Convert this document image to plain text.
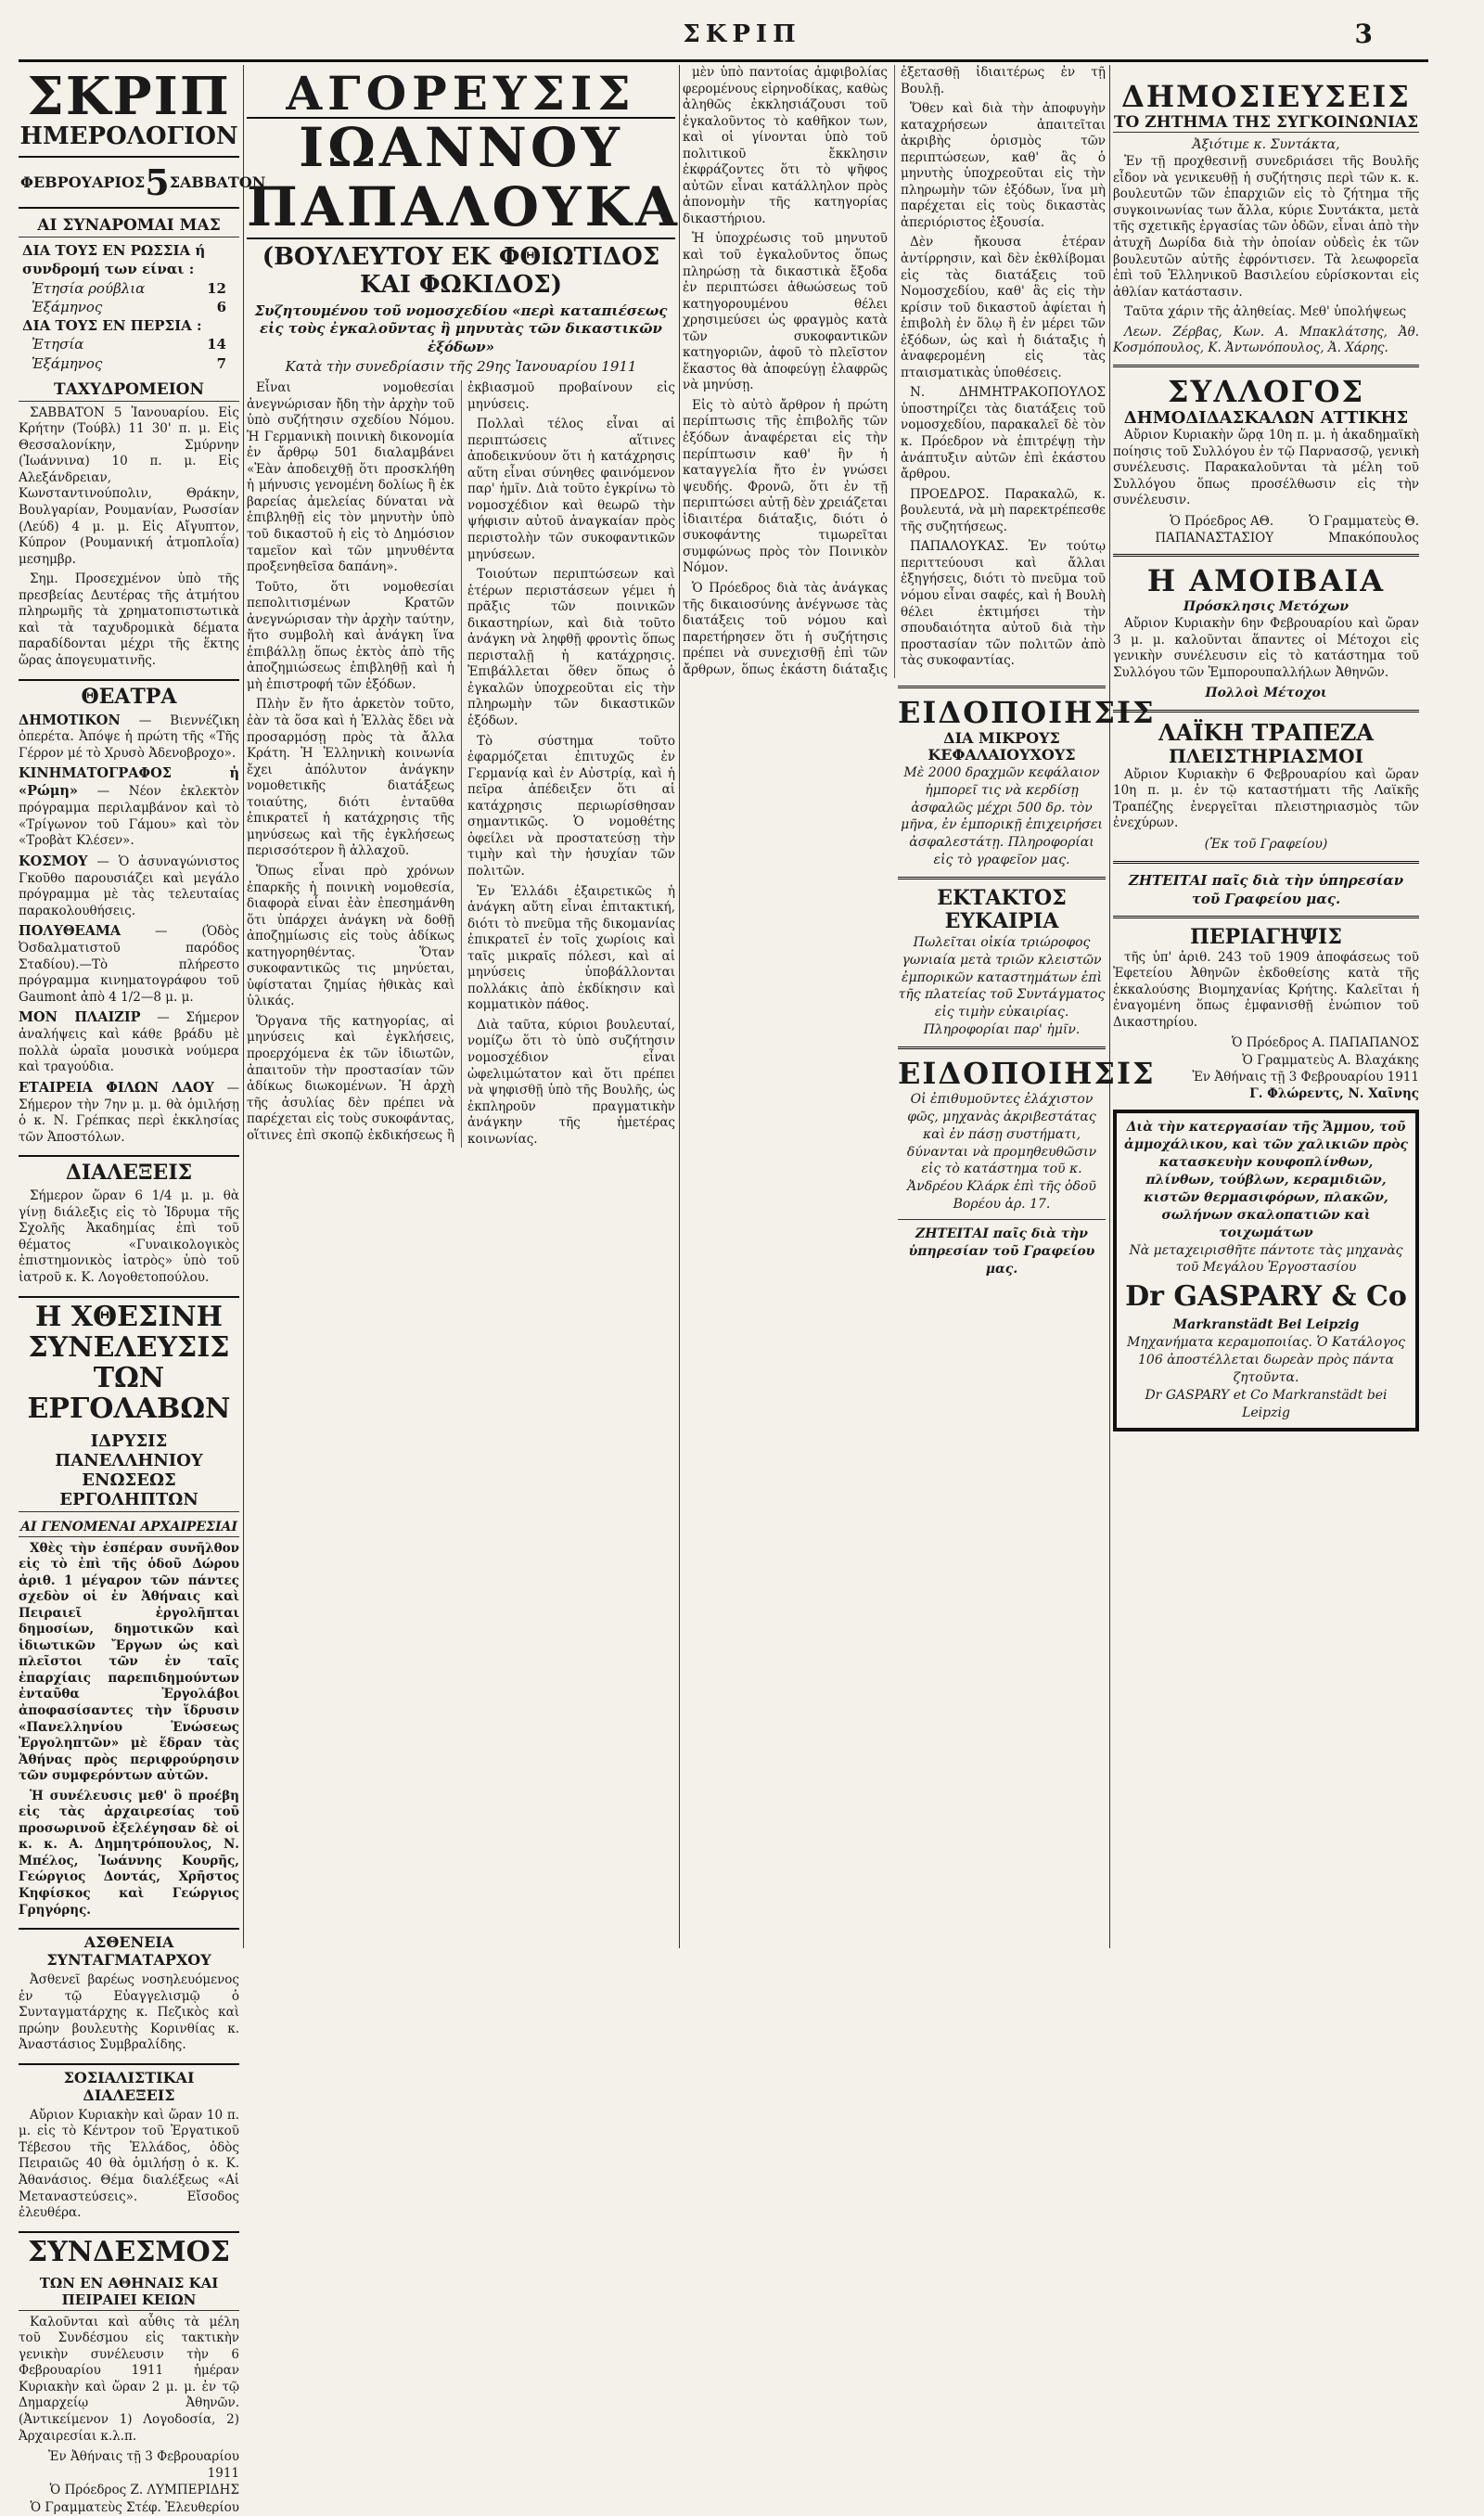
ΣΚΡΙΠ	3
ΣΚΡΙΠ
ΗΜΕΡΟΛΟΓΙΟΝ
ΦΕΒΡΟΥΑΡΙΟΣ 5 ΣΑΒΒΑΤΟΝ
ΑΙ ΣΥΝΑΡΟΜΑΙ ΜΑΣ
ΔΙΑ ΤΟΥΣ ΕΝ ΡΩΣΣΙΑ ή συνδρομή των είναι :
Ἐτησία ρούβλια	12
Ἑξάμηνος	6
ΔΙΑ ΤΟΥΣ ΕΝ ΠΕΡΣΙΑ :
Ἐτησία	14
Ἑξάμηνος	7
ΤΑΧΥΔΡΟΜΕΙΟΝ

ΣΑΒΒΑΤΟΝ 5 Ἰανουαρίου. Εἰς Κρήτην (Τούβλ) 11 30' π. μ. Εἰς Θεσσαλονίκην, Σμύρνην (Ἰωάννινα) 10 π. μ. Εἰς Αλεξάνδρειαν, Κωνσταντινούπολιν, Θράκην, Βουλγαρίαν, Ρουμανίαν, Ρωσσίαν (Λεύδ) 4 μ. μ. Εἰς Αἴγυπτον, Κύπρον (Ρουμανική ἀτμοπλοΐα) μεσημβρ.

Σημ. Προσεχμένον ὑπὸ τῆς πρεσβείας Δευτέρας τῆς ἀτμήτου πληρωμῆς τὰ χρηματοπιστωτικὰ καὶ τὰ ταχυδρομικὰ δέματα παραδίδονται μέχρι τῆς ἕκτης ὥρας ἀπογευματινῆς.

ΘΕΑΤΡΑ
ΔΗΜΟΤΙΚΟΝ — Βιεννέζικη ὀπερέτα. Ἀπόψε ἡ πρώτη τῆς «Τῆς Γέρρον μέ τὸ Χρυσὸ Ἀδενοβροχο».
ΚΙΝΗΜΑΤΟΓΡΑΦΟΣ ἡ «Ρώμη» — Νέον ἐκλεκτὸν πρόγραμμα περιλαμβάνον καὶ τὸ «Τρίγωνον τοῦ Γάμου» καὶ τὸν «Τροβὰτ Κλέσεν».
ΚΟΣΜΟΥ — Ὁ ἀσυναγώνιστος Γκοῦθο παρουσιάζει καὶ μεγάλο πρόγραμμα μὲ τὰς τελευταίας παρακολουθήσεις.
ΠΟΛΥΘΕΑΜΑ — (Ὁδὸς Ὀσδαλματιστοῦ παρόδος Σταδίου).—Τὸ πλήρεστο πρόγραμμα κινηματογράφου τοῦ Gaumont ἀπὸ 4 1/2—8 μ. μ.
ΜΟΝ ΠΛΑΙΖΙΡ — Σήμερον ἀναλήψεις καὶ κάθε βράδυ μὲ πολλὰ ὡραῖα μουσικὰ νούμερα καὶ τραγούδια.
ΕΤΑΙΡΕΙΑ ΦΙΛΩΝ ΛΑΟΥ — Σήμερον τὴν 7ην μ. μ. θὰ ὁμιλήσῃ ὁ κ. Ν. Γρέπκας περὶ ἐκκλησίας τῶν Ἀποστόλων.
ΔΙΑΛΕΞΕΙΣ

Σήμερον ὥραν 6 1/4 μ. μ. θὰ γίνῃ διάλεξις εἰς τὸ Ἱδρυμα τῆς Σχολῆς Ἀκαδημίας ἐπὶ τοῦ θέματος «Γυναικολογικὸς ἐπιστημονικὸς ἰατρὸς» ὑπὸ τοῦ ἰατροῦ κ. Κ. Λογοθετοπούλου.

Η ΧΘΕΣΙΝΗ ΣΥΝΕΛΕΥΣΙΣ ΤΩΝ ΕΡΓΟΛΑΒΩΝ
ΙΔΡΥΣΙΣ ΠΑΝΕΛΛΗΝΙΟΥ ΕΝΩΣΕΩΣ ΕΡΓΟΛΗΠΤΩΝ
ΑΙ ΓΕΝΟΜΕΝΑΙ ΑΡΧΑΙΡΕΣΙΑΙ

Χθὲς τὴν ἑσπέραν συνῆλθον εἰς τὸ ἐπὶ τῆς ὁδοῦ Δώρου ἀριθ. 1 μέγαρον τῶν πάντες σχεδὸν οἱ ἐν Ἀθήναις καὶ Πειραιεῖ ἐργολῆπται δημοσίων, δημοτικῶν καὶ ἰδιωτικῶν Ἔργων ὡς καὶ πλεῖστοι τῶν ἐν ταῖς ἐπαρχίαις παρεπιδημούντων ἐνταῦθα Ἐργολάβοι ἀποφασίσαντες τὴν ἵδρυσιν «Πανελληνίου Ἑνώσεως Ἐργοληπτῶν» μὲ ἕδραν τὰς Ἀθήνας πρὸς περιφρούρησιν τῶν συμφερόντων αὐτῶν.

Ἡ συνέλευσις μεθ' ὃ προέβη εἰς τὰς ἀρχαιρεσίας τοῦ προσωρινοῦ ἐξελέγησαν δὲ οἱ κ. κ. Α. Δημητρόπουλος, Ν. Μπέλος, Ἰωάννης Κουρῆς, Γεώργιος Δοντάς, Χρῆστος Κηφίσκος καὶ Γεώργιος Γρηγόρης.

ΑΣΘΕΝΕΙΑ ΣΥΝΤΑΓΜΑΤΑΡΧΟΥ

Ἀσθενεῖ βαρέως νοσηλευόμενος ἐν τῷ Εὐαγγελισμῷ ὁ Συνταγματάρχης κ. Πεζικὸς καὶ πρώην βουλευτὴς Κορινθίας κ. Ἀναστάσιος Συμβραλίδης.

ΣΟΣΙΑΛΙΣΤΙΚΑΙ ΔΙΑΛΕΞΕΙΣ

Αὔριον Κυριακὴν καὶ ὥραν 10 π. μ. εἰς τὸ Κέντρον τοῦ Ἐργατικοῦ Τέβεσου τῆς Ἑλλάδος, ὁδὸς Πειραιῶς 40 θὰ ὁμιλήσῃ ὁ κ. Κ. Ἀθανάσιος. Θέμα διαλέξεως «Αἱ Μεταναστεύσεις». Εἴσοδος ἐλευθέρα.

ΣΥΝΔΕΣΜΟΣ
ΤΩΝ ΕΝ ΑΘΗΝΑΙΣ ΚΑΙ ΠΕΙΡΑΙΕΙ ΚΕΙΩΝ

Καλοῦνται καὶ αὖθις τὰ μέλη τοῦ Συνδέσμου εἰς τακτικὴν γενικὴν συνέλευσιν τὴν 6 Φεβρουαρίου 1911 ἡμέραν Κυριακὴν καὶ ὥραν 2 μ. μ. ἐν τῷ Δημαρχείῳ Ἀθηνῶν. (Ἀντικείμενον 1) Λογοδοσία, 2) Ἀρχαιρεσίαι κ.λ.π.

Ἐν Ἀθήναις τῇ 3 Φεβρουαρίου 1911
Ὁ Πρόεδρος Ζ. ΛΥΜΠΕΡΙΔΗΣ
Ὁ Γραμματεὺς Στέφ. Ἐλευθερίου
ΑΓΟΡΕΥΣΙΣ
ΙΩΑΝΝΟΥ ΠΑΠΑΛΟΥΚΑ
(ΒΟΥΛΕΥΤΟΥ ΕΚ ΦΘΙΩΤΙΔΟΣ ΚΑΙ ΦΩΚΙΔΟΣ)
Συζητουμένου τοῦ νομοσχεδίου «περὶ καταπιέσεως εἰς τοὺς ἐγκαλοῦντας ἢ μηνυτὰς τῶν δικαστικῶν ἐξόδων»
Κατὰ τὴν συνεδρίασιν τῆς 29ης Ἰανουαρίου 1911

Εἶναι νομοθεσίαι ἀνεγνώρισαν ἤδη τὴν ἀρχὴν τοῦ ὑπὸ συζήτησιν σχεδίου Νόμου. Ἡ Γερμανικὴ ποινικὴ δικονομία ἐν ἄρθρῳ 501 διαλαμβάνει «Ἐὰν ἀποδειχθῇ ὅτι προσκλήθη ἡ μήνυσις γενομένη δολίως ἢ ἐκ βαρείας ἀμελείας δύναται νὰ ἐπιβληθῇ εἰς τὸν μηνυτὴν ὑπὸ τοῦ δικαστοῦ ἡ εἰς τὸ Δημόσιον ταμεῖον καὶ τῶν μηνυθέντα προξενηθεῖσα δαπάνη».

Τοῦτο, ὅτι νομοθεσίαι πεπολιτισμένων Κρατῶν ἀνεγνώρισαν τὴν ἀρχὴν ταύτην, ἥτο συμβολὴ καὶ ἀνάγκη ἵνα ἐπιβάλλῃ ὅπως ἐκτὸς ἀπὸ τῆς ἀποζημιώσεως ἐπιβληθῇ καὶ ἡ μὴ ἐπιστροφή τῶν ἐξόδων.

Πλὴν ἔν ἤτο ἀρκετὸν τοῦτο, ἐὰν τὰ ὅσα καὶ ἡ Ἑλλὰς ἔδει νὰ προσαρμόσῃ πρὸς τὰ ἄλλα Κράτη. Ἡ Ἑλληνικὴ κοινωνία ἔχει ἀπόλυτον ἀνάγκην νομοθετικῆς διατάξεως τοιαύτης, διότι ἐνταῦθα ἐπικρατεῖ ἡ κατάχρησις τῆς μηνύσεως καὶ τῆς ἐγκλήσεως περισσότερον ἢ ἀλλαχοῦ.

Ὅπως εἶναι πρὸ χρόνων ἐπαρκῆς ἡ ποινικὴ νομοθεσία, διαφορὰ εἶναι ἐὰν ἐπεσημάνθη ὅτι ὑπάρχει ἀνάγκη νὰ δοθῇ ἀποζημίωσις εἰς τοὺς ἀδίκως κατηγορηθέντας. Ὅταν συκοφαντικῶς τις μηνύεται, ὑφίσταται ζημίας ἠθικὰς καὶ ὑλικάς.

Ὅργανα τῆς κατηγορίας, αἱ μηνύσεις καὶ ἐγκλήσεις, προερχόμενα ἐκ τῶν ἰδιωτῶν, ἀπαιτοῦν τὴν προστασίαν τῶν ἀδίκως διωκομένων. Ἡ ἀρχὴ τῆς ἀσυλίας δὲν πρέπει νὰ παρέχεται εἰς τοὺς συκοφάντας, οἵτινες ἐπὶ σκοπῷ ἐκδικήσεως ἢ ἐκβιασμοῦ προβαίνουν εἰς μηνύσεις.

Πολλαὶ τέλος εἶναι αἱ περιπτώσεις αἵτινες ἀποδεικνύουν ὅτι ἡ κατάχρησις αὕτη εἶναι σύνηθες φαινόμενον παρ' ἡμῖν. Διὰ τοῦτο ἐγκρίνω τὸ νομοσχέδιον καὶ θεωρῶ τὴν ψήφισιν αὐτοῦ ἀναγκαίαν πρὸς περιστολὴν τῶν συκοφαντικῶν μηνύσεων.

Τοιούτων περιπτώσεων καὶ ἑτέρων περιστάσεων γέμει ἡ πρᾶξις τῶν ποινικῶν δικαστηρίων, καὶ διὰ τοῦτο ἀνάγκη νὰ ληφθῇ φροντὶς ὅπως περισταλῇ ἡ κατάχρησις. Ἐπιβάλλεται ὅθεν ὅπως ὁ ἐγκαλῶν ὑποχρεοῦται εἰς τὴν πληρωμὴν τῶν δικαστικῶν ἐξόδων.

Τὸ σύστημα τοῦτο ἐφαρμόζεται ἐπιτυχῶς ἐν Γερμανίᾳ καὶ ἐν Αὐστρίᾳ, καὶ ἡ πεῖρα ἀπέδειξεν ὅτι αἱ κατάχρησις περιωρίσθησαν σημαντικῶς. Ὁ νομοθέτης ὀφείλει νὰ προστατεύσῃ τὴν τιμὴν καὶ τὴν ἡσυχίαν τῶν πολιτῶν.

Ἐν Ἑλλάδι ἐξαιρετικῶς ἡ ἀνάγκη αὕτη εἶναι ἐπιτακτική, διότι τὸ πνεῦμα τῆς δικομανίας ἐπικρατεῖ ἐν τοῖς χωρίοις καὶ ταῖς μικραῖς πόλεσι, καὶ αἱ μηνύσεις ὑποβάλλονται πολλάκις ἀπὸ ἐκδίκησιν καὶ κομματικὸν πάθος.

Διὰ ταῦτα, κύριοι βουλευταί, νομίζω ὅτι τὸ ὑπὸ συζήτησιν νομοσχέδιον εἶναι ὠφελιμώτατον καὶ ὅτι πρέπει νὰ ψηφισθῇ ὑπὸ τῆς Βουλῆς, ὡς ἐκπληροῦν πραγματικὴν ἀνάγκην τῆς ἡμετέρας κοινωνίας.

μὲν ὑπὸ παντοίας ἀμφιβολίας φερομένους εἰρηνοδίκας, καθὼς ἀληθῶς ἐκκλησιάζουσι τοῦ ἐγκαλοῦντος τὸ καθῆκον των, καὶ οἱ γίνονται ὑπὸ τοῦ πολιτικοῦ ἔκκλησιν ἐκφράζοντες ὅτι τὸ ψῆφος αὐτῶν εἶναι κατάλληλον πρὸς ἀπονομὴν τῆς κατηγορίας δικαστήριου.

Ἡ ὑποχρέωσις τοῦ μηνυτοῦ καὶ τοῦ ἐγκαλοῦντος ὅπως πληρώσῃ τὰ δικαστικὰ ἔξοδα ἐν περιπτώσει ἀθωώσεως τοῦ κατηγορουμένου θέλει χρησιμεύσει ὡς φραγμὸς κατὰ τῶν συκοφαντικῶν κατηγοριῶν, ἀφοῦ τὸ πλεῖστον ἕκαστος θὰ ἀποφεύγῃ ἐλαφρῶς νὰ μηνύσῃ.

Εἰς τὸ αὐτὸ ἄρθρον ἡ πρώτη περίπτωσις τῆς ἐπιβολῆς τῶν ἐξόδων ἀναφέρεται εἰς τὴν περίπτωσιν καθ' ἣν ἡ καταγγελία ἤτο ἐν γνώσει ψευδής. Φρονῶ, ὅτι ἐν τῇ περιπτώσει αὐτῇ δὲν χρειάζεται ἰδιαιτέρα διάταξις, διότι ὁ συκοφάντης τιμωρεῖται συμφώνως πρὸς τὸν Ποινικὸν Νόμον.

Ὁ Πρόεδρος διὰ τὰς ἀνάγκας τῆς δικαιοσύνης ἀνέγνωσε τὰς διατάξεις τοῦ νόμου καὶ παρετήρησεν ὅτι ἡ συζήτησις πρέπει νὰ συνεχισθῇ ἐπὶ τῶν ἄρθρων, ὅπως ἑκάστη διάταξις ἐξετασθῇ ἰδιαιτέρως ἐν τῇ Βουλῇ.

Ὅθεν καὶ διὰ τὴν ἀποφυγὴν καταχρήσεων ἀπαιτεῖται ἀκριβὴς ὁρισμὸς τῶν περιπτώσεων, καθ' ἃς ὁ μηνυτὴς ὑποχρεοῦται εἰς τὴν πληρωμὴν τῶν ἐξόδων, ἵνα μὴ παρέχεται εἰς τοὺς δικαστὰς ἀπεριόριστος ἐξουσία.

Δὲν ἤκουσα ἑτέραν ἀντίρρησιν, καὶ δὲν ἐκθλίβομαι εἰς τὰς διατάξεις τοῦ Νομοσχεδίου, καθ' ἃς εἰς τὴν κρίσιν τοῦ δικαστοῦ ἀφίεται ἡ ἐπιβολὴ ἐν ὅλῳ ἢ ἐν μέρει τῶν ἐξόδων, ὡς καὶ ἡ διάταξις ἡ ἀναφερομένη εἰς τὰς πταισματικὰς ὑποθέσεις.

Ν. ΔΗΜΗΤΡΑΚΟΠΟΥΛΟΣ ὑποστηρίζει τὰς διατάξεις τοῦ νομοσχεδίου, παρακαλεῖ δὲ τὸν κ. Πρόεδρον νὰ ἐπιτρέψῃ τὴν ἀνάπτυξιν αὐτῶν ἐπὶ ἑκάστου ἄρθρου.

ΠΡΟΕΔΡΟΣ. Παρακαλῶ, κ. βουλευτά, νὰ μὴ παρεκτρέπεσθε τῆς συζητήσεως.

ΠΑΠΑΛΟΥΚΑΣ. Ἐν τούτῳ περιττεύουσι καὶ ἄλλαι ἐξηγήσεις, διότι τὸ πνεῦμα τοῦ νόμου εἶναι σαφές, καὶ ἡ Βουλὴ θέλει ἐκτιμήσει τὴν σπουδαιότητα αὐτοῦ διὰ τὴν προστασίαν τῶν πολιτῶν ἀπὸ τὰς συκοφαντίας.

ΕΙΔΟΠΟΙΗΣΙΣ
ΔΙΑ ΜΙΚΡΟΥΣ ΚΕΦΑΛΑΙΟΥΧΟΥΣ
Μὲ 2000 δραχμῶν κεφάλαιον ἠμπορεῖ τις νὰ κερδίσῃ ἀσφαλῶς μέχρι 500 δρ. τὸν μῆνα, ἐν ἐμπορικῇ ἐπιχειρήσει ἀσφαλεστάτῃ. Πληροφορίαι εἰς τὸ γραφεῖον μας.
ΕΚΤΑΚΤΟΣ ΕΥΚΑΙΡΙΑ
Πωλεῖται οἰκία τριώροφος γωνιαία μετὰ τριῶν κλειστῶν ἐμπορικῶν καταστημάτων ἐπὶ τῆς πλατείας τοῦ Συντάγματος εἰς τιμὴν εὐκαιρίας. Πληροφορίαι παρ' ἡμῖν.
ΕΙΔΟΠΟΙΗΣΙΣ
Οἱ ἐπιθυμοῦντες ἐλάχιστον φῶς, μηχανὰς ἀκριβεστάτας καὶ ἐν πάσῃ συστήματι, δύνανται νὰ προμηθευθῶσιν εἰς τὸ κατάστημα τοῦ κ. Ἀνδρέου Κλάρκ ἐπὶ τῆς ὁδοῦ Βορέου ἀρ. 17.
ΖΗΤΕΙΤΑΙ παῖς διὰ τὴν ὑπηρεσίαν τοῦ Γραφείου μας.
ΔΗΜΟΣΙΕΥΣΕΙΣ
ΤΟ ΖΗΤΗΜΑ ΤΗΣ ΣΥΓΚΟΙΝΩΝΙΑΣ
Ἀξιότιμε κ. Συντάκτα,

Ἐν τῇ προχθεσινῇ συνεδριάσει τῆς Βουλῆς εἶδον νὰ γενικευθῇ ἡ συζήτησις περὶ τῶν κ. κ. βουλευτῶν τῶν ἐπαρχιῶν εἰς τὸ ζήτημα τῆς συγκοινωνίας των ἄλλα, κύριε Συντάκτα, μετὰ τῆς σχετικῆς ἐργασίας τῶν ὁδῶν, εἶναι ἀπὸ τὴν ἀτυχῆ Δωρίδα διὰ τὴν ὁποίαν οὐδεὶς ἐκ τῶν βουλευτῶν αὐτῆς ἐφρόντισεν. Τὰ λεωφορεῖα ἐπὶ τοῦ Ἑλληνικοῦ Βασιλείου εὑρίσκονται εἰς ἀθλίαν κατάστασιν.

Ταῦτα χάριν τῆς ἀληθείας. Μεθ' ὑπολήψεως

Λεων. Ζέρβας, Κων. Α. Μπακλάτσης, Ἀθ. Κοσμόπουλος, Κ. Ἀντωνόπουλος, Ἀ. Χάρης.

ΣΥΛΛΟΓΟΣ
ΔΗΜΟΔΙΔΑΣΚΑΛΩΝ ΑΤΤΙΚΗΣ

Αὔριον Κυριακὴν ὥρᾳ 10η π. μ. ἡ ἀκαδημαϊκὴ ποίησις τοῦ Συλλόγου ἐν τῷ Παρνασσῷ, γενικὴ συνέλευσις. Παρακαλοῦνται τὰ μέλη τοῦ Συλλόγου ὅπως προσέλθωσιν εἰς τὴν συνέλευσιν.

Ὁ Πρόεδρος ΑΘ. ΠΑΠΑΝΑΣΤΑΣΙΟΥ
Ὁ Γραμματεὺς Θ. Μπακόπουλος
Η ΑΜΟΙΒΑΙΑ
Πρόσκλησις Μετόχων

Αὔριον Κυριακὴν 6ην Φεβρουαρίου καὶ ὥραν 3 μ. μ. καλοῦνται ἅπαντες οἱ Μέτοχοι εἰς γενικὴν συνέλευσιν εἰς τὸ κατάστημα τοῦ Συλλόγου τῶν Ἐμπορουπαλλήλων Ἀθηνῶν.

Πολλοὶ Μέτοχοι
ΛΑΪΚΗ ΤΡΑΠΕΖΑ
ΠΛΕΙΣΤΗΡΙΑΣΜΟΙ

Αὔριον Κυριακὴν 6 Φεβρουαρίου καὶ ὥραν 10η π. μ. ἐν τῷ καταστήματι τῆς Λαϊκῆς Τραπέζης ἐνεργεῖται πλειστηριασμὸς τῶν ἐνεχύρων.

(Ἐκ τοῦ Γραφείου)
ΖΗΤΕΙΤΑΙ παῖς διὰ τὴν ὑπηρεσίαν τοῦ Γραφείου μας.
ΠΕΡΙΑΓΗΨΙΣ

τῆς ὑπ' ἀριθ. 243 τοῦ 1909 ἀποφάσεως τοῦ Ἐφετείου Ἀθηνῶν ἐκδοθείσης κατὰ τῆς ἐκκαλούσης Βιομηχανίας Κρήτης. Καλεῖται ἡ ἐναγομένη ὅπως ἐμφανισθῇ ἐνώπιον τοῦ Δικαστηρίου.

Ὁ Πρόεδρος Α. ΠΑΠΑΠΑΝΟΣ
Ὁ Γραμματεὺς Α. Βλαχάκης
Ἐν Ἀθήναις τῇ 3 Φεβρουαρίου 1911
Γ. Φλώρεντς, Ν. Χαῖνης
Διὰ τὴν κατεργασίαν τῆς Ἄμμου, τοῦ ἀμμοχάλικου, καὶ τῶν χαλικιῶν πρὸς κατασκευὴν κουφοπλίνθων, πλίνθων, τούβλων, κεραμιδιῶν, κιστῶν θερμασιφόρων, πλακῶν, σωλήνων σκαλοπατιῶν καὶ τοιχωμάτων
Νὰ μεταχειρισθῆτε πάντοτε τὰς μηχανὰς τοῦ Μεγάλου Ἐργοστασίου
Dr GASPARY & Co
Markranstädt Bei Leipzig
Μηχανήματα κεραμοποιίας. Ὁ Κατάλογος 106 ἀποστέλλεται δωρεὰν πρὸς πάντα ζητοῦντα.
Dr GASPARY et Co Markranstädt bei Leipzig
